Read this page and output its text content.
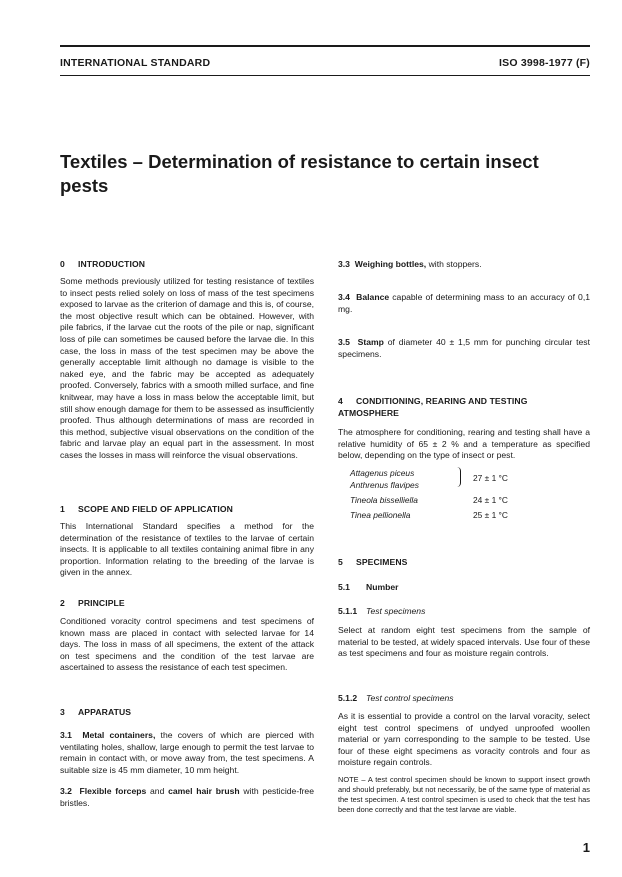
INTERNATIONAL STANDARD	ISO 3998-1977 (F)
Textiles – Determination of resistance to certain insect pests
0 INTRODUCTION
Some methods previously utilized for testing resistance of textiles to insect pests relied solely on loss of mass of the test specimens exposed to larvae as the criterion of damage and this is, of course, the most objective result which can be obtained. However, with pile fabrics, if the larvae cut the roots of the pile or nap, significant loss of pile can sometimes be caused before the larvae die. In this case, the loss in mass of the test specimen may be above the generally acceptable limit although no damage is visible to the naked eye, and the fabric may be accepted as adequately proofed. Conversely, fabrics with a smooth milled surface, and fine knitwear, may have a loss in mass below the acceptable limit, but still show enough damage for them to be assessed as insufficiently proofed. Thus although determinations of mass are recorded in this method, subjective visual observations on the condition of the fabric and larvae play an equal part in the assessment. In most cases the losses in mass will reinforce the visual observations.
1 SCOPE AND FIELD OF APPLICATION
This International Standard specifies a method for the determination of the resistance of textiles to the larvae of certain insects. It is applicable to all textiles containing animal fibre in any proportion. Information relating to the breeding of the larvae is given in the annex.
2 PRINCIPLE
Conditioned voracity control specimens and test specimens of known mass are placed in contact with selected larvae for 14 days. The loss in mass of all specimens, the extent of the attack on test specimens and the condition of the test larvae are ascertained to assess the resistance of each test specimen.
3 APPARATUS
3.1 Metal containers, the covers of which are pierced with ventilating holes, shallow, large enough to permit the test larvae to remain in contact with, or move away from, the test specimens. A suitable size is 45 mm diameter, 10 mm height.
3.2 Flexible forceps and camel hair brush with pesticide-free bristles.
3.3 Weighing bottles, with stoppers.
3.4 Balance capable of determining mass to an accuracy of 0,1 mg.
3.5 Stamp of diameter 40 ± 1,5 mm for punching circular test specimens.
4 CONDITIONING, REARING AND TESTING ATMOSPHERE
The atmosphere for conditioning, rearing and testing shall have a relative humidity of 65 ± 2 % and a temperature as specified below, depending on the type of insect or pest.
Attagenus piceus	27 ± 1 °C
Anthrenus flavipes
Tineola bisselliella	24 ± 1 °C
Tinea pellionella	25 ± 1 °C
5 SPECIMENS
5.1 Number
5.1.1 Test specimens
Select at random eight test specimens from the sample of material to be tested, at widely spaced intervals. Use four of these as test specimens and four as moisture regain controls.
5.1.2 Test control specimens
As it is essential to provide a control on the larval voracity, select eight test control specimens of undyed unproofed woollen material or yarn corresponding to the sample to be tested. Use four of these eight specimens as voracity controls and four as moisture regain controls.
NOTE – A test control specimen should be known to support insect growth and should preferably, but not necessarily, be of the same type of material as the test specimen. A test control specimen is used to check that the test has been done correctly and that the test larvae are viable.
1
